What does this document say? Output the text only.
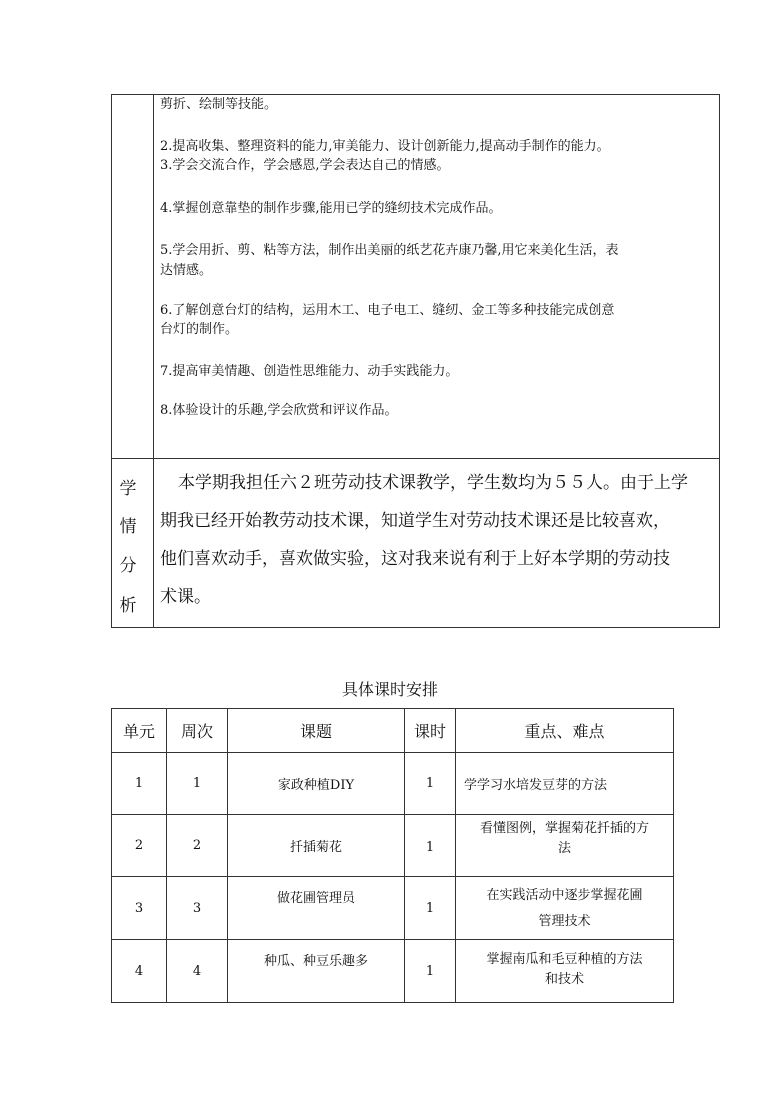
剪折、绘制等技能。
2.提高收集、整理资料的能力,审美能力、设计创新能力,提高动手制作的能力。
3.学会交流合作，学会感恩,学会表达自己的情感。
4.掌握创意靠垫的制作步骤,能用已学的缝纫技术完成作品。
5.学会用折、剪、粘等方法，制作出美丽的纸艺花卉康乃馨,用它来美化生活，表
达情感。
6.了解创意台灯的结构，运用木工、电子电工、缝纫、金工等多种技能完成创意
台灯的制作。
7.提高审美情趣、创造性思维能力、动手实践能力。
8.体验设计的乐趣,学会欣赏和评议作品。
学
情
分
析

本学期我担任六２班劳动技术课教学，学生数均为５５人。由于上学

期我已经开始教劳动技术课，知道学生对劳动技术课还是比较喜欢，

他们喜欢动手，喜欢做实验，这对我来说有利于上好本学期的劳动技

术课。

具体课时安排
单元	周次	课题	课时	重点、难点
1	1	家政种植DIY	1	学学习水培发豆芽的方法

2	2	扦插菊花	1	看懂图例，掌握菊花扦插的方
法

3	3	做花圃管理员	1	在实践活动中逐步掌握花圃
管理技术

4	4	种瓜、种豆乐趣多	1	掌握南瓜和毛豆种植的方法
和技术
